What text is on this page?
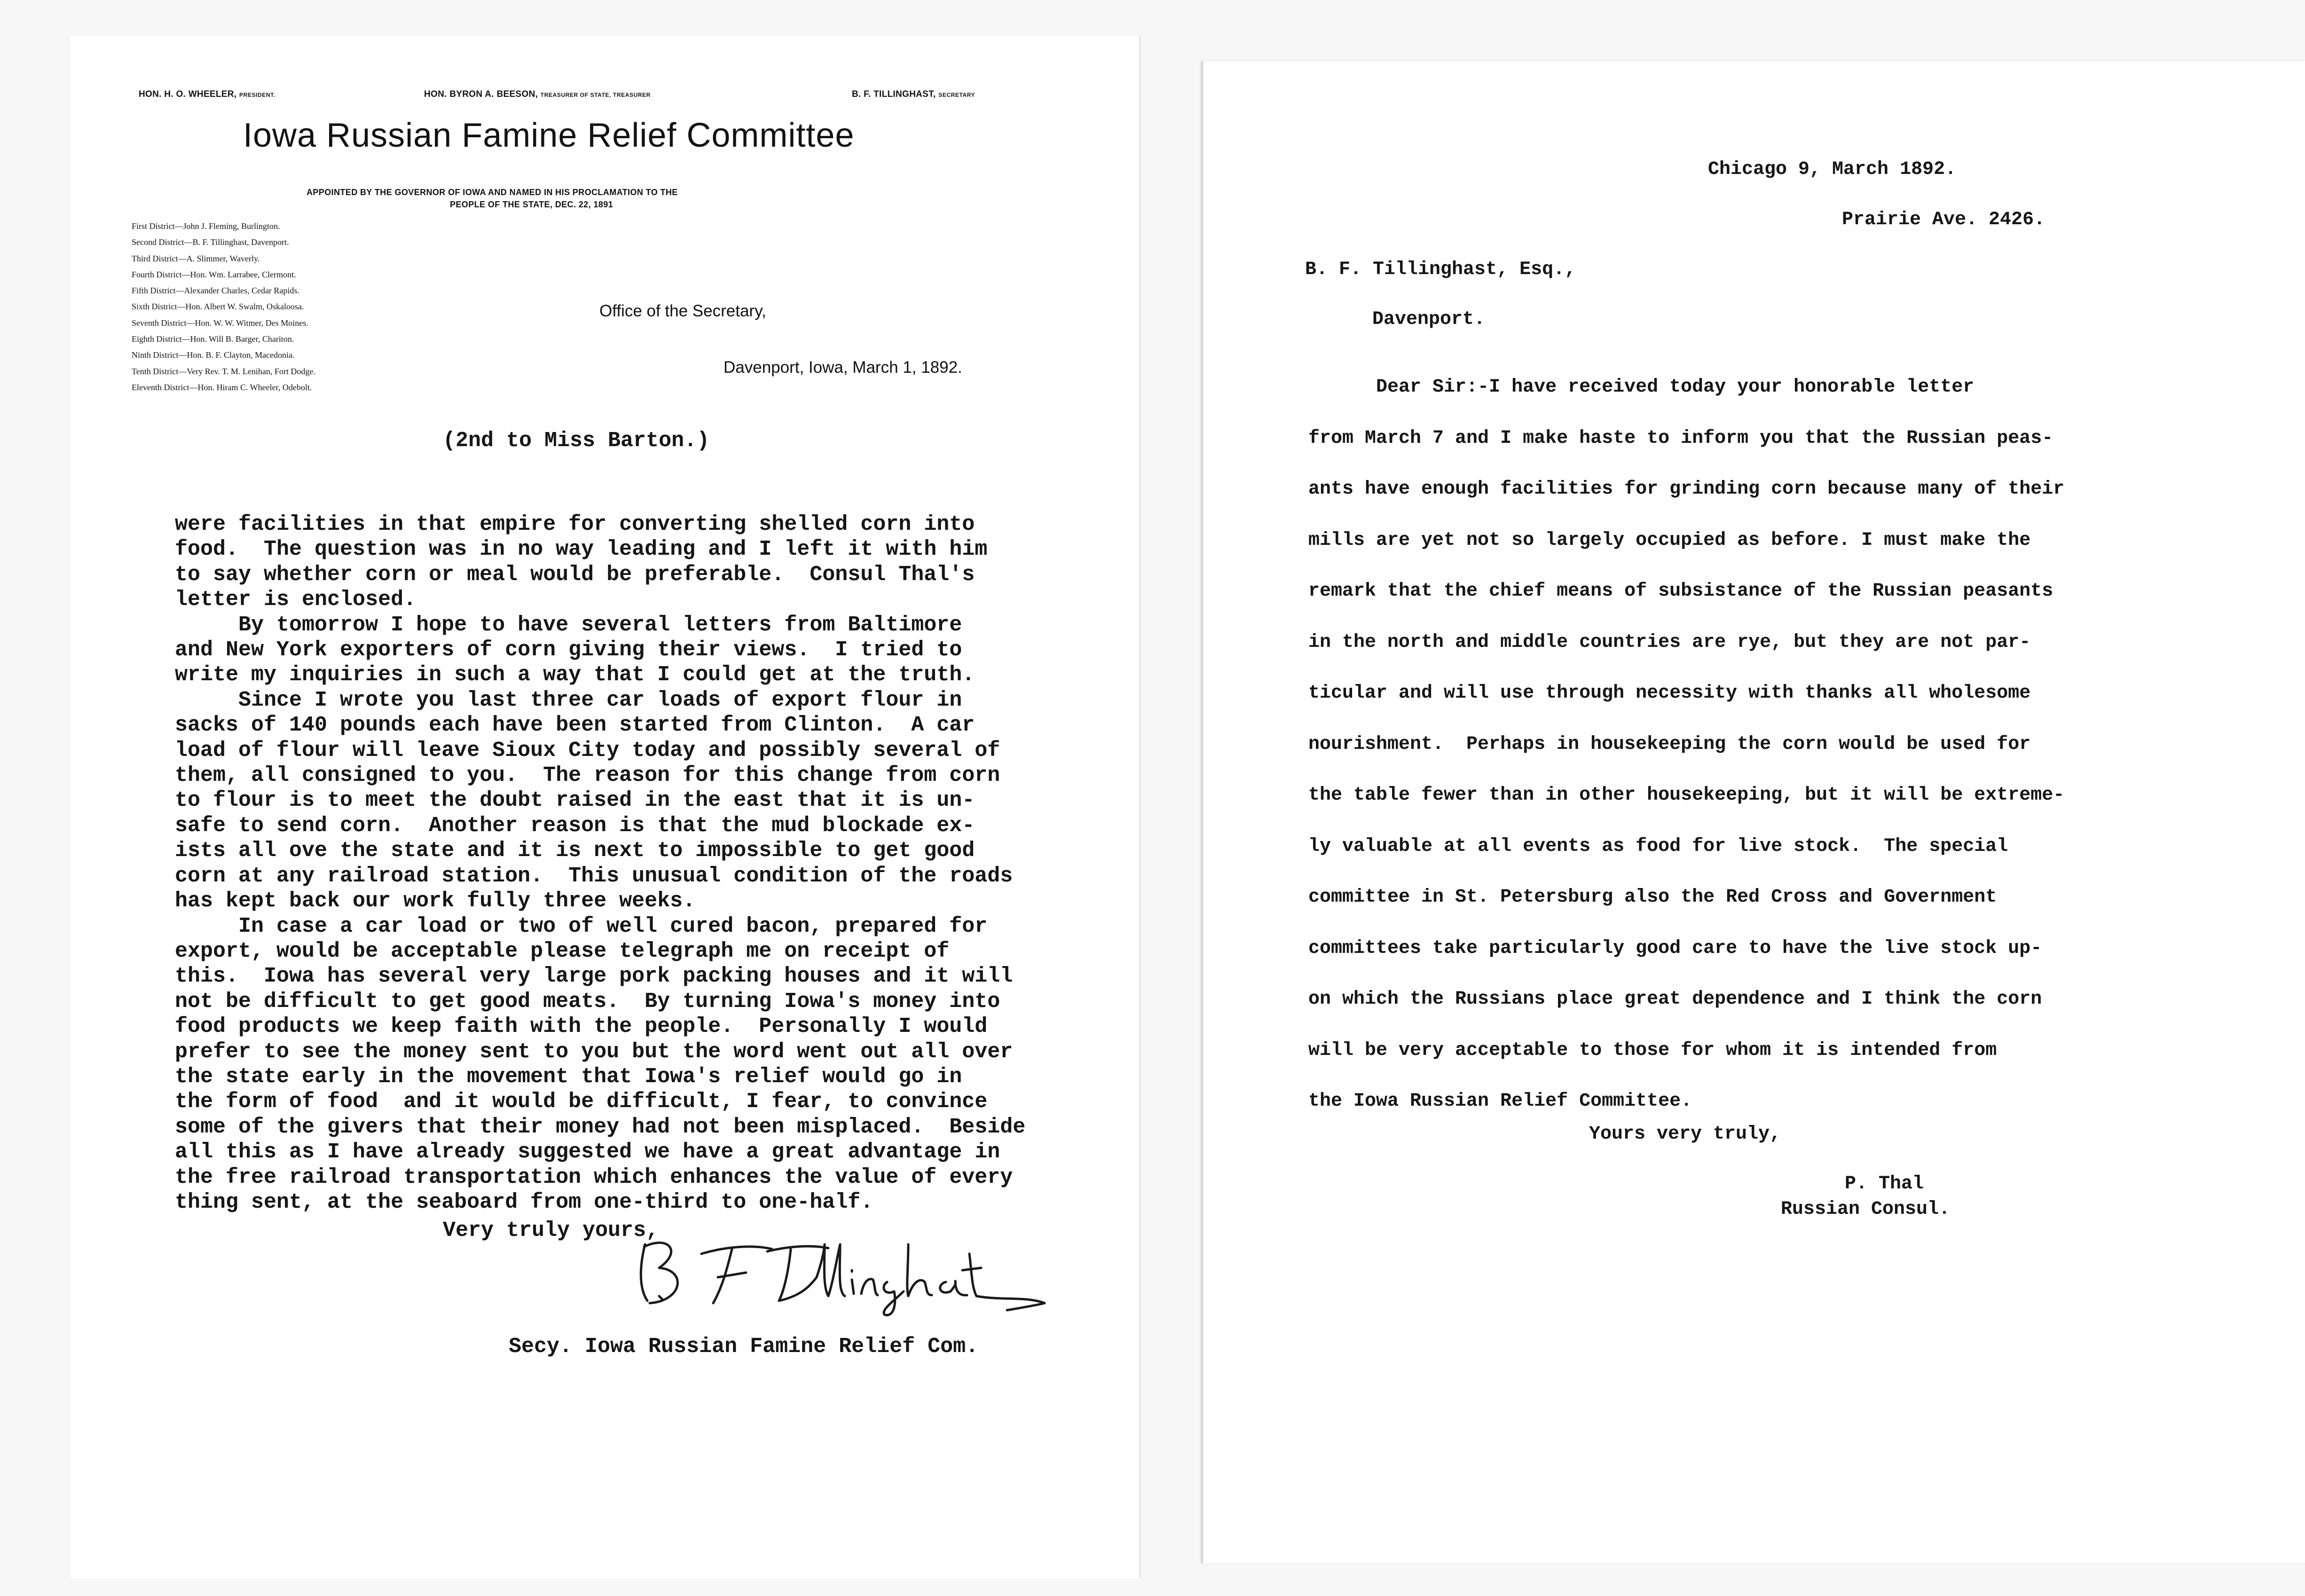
HON. H. O. WHEELER, PRESIDENT.	HON. BYRON A. BEESON, TREASURER OF STATE, TREASURER	B. F. TILLINGHAST, SECRETARY
Iowa Russian Famine Relief Committee
APPOINTED BY THE GOVERNOR OF IOWA AND NAMED IN HIS PROCLAMATION TO THE
PEOPLE OF THE STATE, DEC. 22, 1891
First District—John J. Fleming, Burlington.
Second District—B. F. Tillinghast, Davenport.
Third District—A. Slimmer, Waverly.
Fourth District—Hon. Wm. Larrabee, Clermont.
Fifth District—Alexander Charles, Cedar Rapids.
Sixth District—Hon. Albert W. Swalm, Oskaloosa.
Seventh District—Hon. W. W. Witmer, Des Moines.
Eighth District—Hon. Will B. Barger, Chariton.
Ninth District—Hon. B. F. Clayton, Macedonia.
Tenth District—Very Rev. T. M. Lenihan, Fort Dodge.
Eleventh District—Hon. Hiram C. Wheeler, Odebolt.
Office of the Secretary,
Davenport, Iowa, March 1, 1892.
(2nd to Miss Barton.)
were facilities in that empire for converting shelled corn into
food.  The question was in no way leading and I left it with him
to say whether corn or meal would be preferable.  Consul Thal's
letter is enclosed.
By tomorrow I hope to have several letters from Baltimore
and New York exporters of corn giving their views.  I tried to
write my inquiries in such a way that I could get at the truth.
Since I wrote you last three car loads of export flour in
sacks of 140 pounds each have been started from Clinton.  A car
load of flour will leave Sioux City today and possibly several of
them, all consigned to you.  The reason for this change from corn
to flour is to meet the doubt raised in the east that it is un-
safe to send corn.  Another reason is that the mud blockade ex-
ists all ove the state and it is next to impossible to get good
corn at any railroad station.  This unusual condition of the roads
has kept back our work fully three weeks.
In case a car load or two of well cured bacon, prepared for
export, would be acceptable please telegraph me on receipt of
this.  Iowa has several very large pork packing houses and it will
not be difficult to get good meats.  By turning Iowa's money into
food products we keep faith with the people.  Personally I would
prefer to see the money sent to you but the word went out all over
the state early in the movement that Iowa's relief would go in
the form of food  and it would be difficult, I fear, to convince
some of the givers that their money had not been misplaced.  Beside
all this as I have already suggested we have a great advantage in
the free railroad transportation which enhances the value of every
thing sent, at the seaboard from one-third to one-half.
Very truly yours,
Secy. Iowa Russian Famine Relief Com.
Chicago 9, March 1892.
Prairie Ave. 2426.
B. F. Tillinghast, Esq.,
Davenport.
Dear Sir:-I have received today your honorable letter
from March 7 and I make haste to inform you that the Russian peas-
ants have enough facilities for grinding corn because many of their
mills are yet not so largely occupied as before. I must make the
remark that the chief means of subsistance of the Russian peasants
in the north and middle countries are rye, but they are not par-
ticular and will use through necessity with thanks all wholesome
nourishment.  Perhaps in housekeeping the corn would be used for
the table fewer than in other housekeeping, but it will be extreme-
ly valuable at all events as food for live stock.  The special
committee in St. Petersburg also the Red Cross and Government
committees take particularly good care to have the live stock up-
on which the Russians place great dependence and I think the corn
will be very acceptable to those for whom it is intended from
the Iowa Russian Relief Committee.
Yours very truly,
P. Thal
Russian Consul.
